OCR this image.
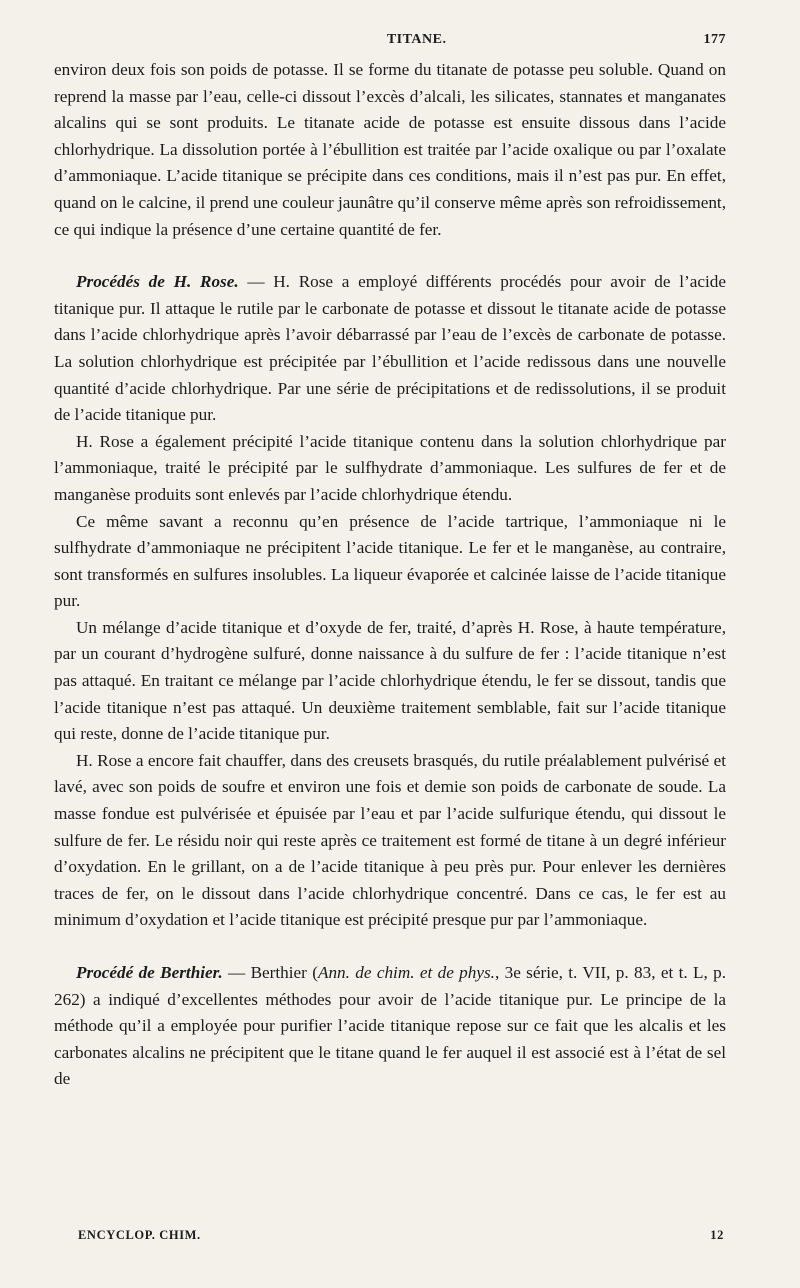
TITANE.	177

environ deux fois son poids de potasse. Il se forme du titanate de potasse peu soluble. Quand on reprend la masse par l’eau, celle-ci dissout l’excès d’alcali, les silicates, stannates et manganates alcalins qui se sont produits. Le titanate acide de potasse est ensuite dissous dans l’acide chlorhydrique. La dissolution portée à l’ébullition est traitée par l’acide oxalique ou par l’oxalate d’ammoniaque. L’acide titanique se précipite dans ces conditions, mais il n’est pas pur. En effet, quand on le calcine, il prend une couleur jaunâtre qu’il conserve même après son refroidissement, ce qui indique la présence d’une certaine quantité de fer.

Procédés de H. Rose. — H. Rose a employé différents procédés pour avoir de l’acide titanique pur. Il attaque le rutile par le carbonate de potasse et dissout le titanate acide de potasse dans l’acide chlorhydrique après l’avoir débarrassé par l’eau de l’excès de carbonate de potasse. La solution chlorhydrique est précipitée par l’ébullition et l’acide redissous dans une nouvelle quantité d’acide chlorhydrique. Par une série de précipitations et de redissolutions, il se produit de l’acide titanique pur.

H. Rose a également précipité l’acide titanique contenu dans la solution chlorhydrique par l’ammoniaque, traité le précipité par le sulfhydrate d’ammoniaque. Les sulfures de fer et de manganèse produits sont enlevés par l’acide chlorhydrique étendu.

Ce même savant a reconnu qu’en présence de l’acide tartrique, l’ammoniaque ni le sulfhydrate d’ammoniaque ne précipitent l’acide titanique. Le fer et le manganèse, au contraire, sont transformés en sulfures insolubles. La liqueur évaporée et calcinée laisse de l’acide titanique pur.

Un mélange d’acide titanique et d’oxyde de fer, traité, d’après H. Rose, à haute température, par un courant d’hydrogène sulfuré, donne naissance à du sulfure de fer : l’acide titanique n’est pas attaqué. En traitant ce mélange par l’acide chlorhydrique étendu, le fer se dissout, tandis que l’acide titanique n’est pas attaqué. Un deuxième traitement semblable, fait sur l’acide titanique qui reste, donne de l’acide titanique pur.

H. Rose a encore fait chauffer, dans des creusets brasqués, du rutile préalablement pulvérisé et lavé, avec son poids de soufre et environ une fois et demie son poids de carbonate de soude. La masse fondue est pulvérisée et épuisée par l’eau et par l’acide sulfurique étendu, qui dissout le sulfure de fer. Le résidu noir qui reste après ce traitement est formé de titane à un degré inférieur d’oxydation. En le grillant, on a de l’acide titanique à peu près pur. Pour enlever les dernières traces de fer, on le dissout dans l’acide chlorhydrique concentré. Dans ce cas, le fer est au minimum d’oxydation et l’acide titanique est précipité presque pur par l’ammoniaque.

Procédé de Berthier. — Berthier (Ann. de chim. et de phys., 3e série, t. VII, p. 83, et t. L, p. 262) a indiqué d’excellentes méthodes pour avoir de l’acide titanique pur. Le principe de la méthode qu’il a employée pour purifier l’acide titanique repose sur ce fait que les alcalis et les carbonates alcalins ne précipitent que le titane quand le fer auquel il est associé est à l’état de sel de

ENCYCLOP. CHIM.	12
